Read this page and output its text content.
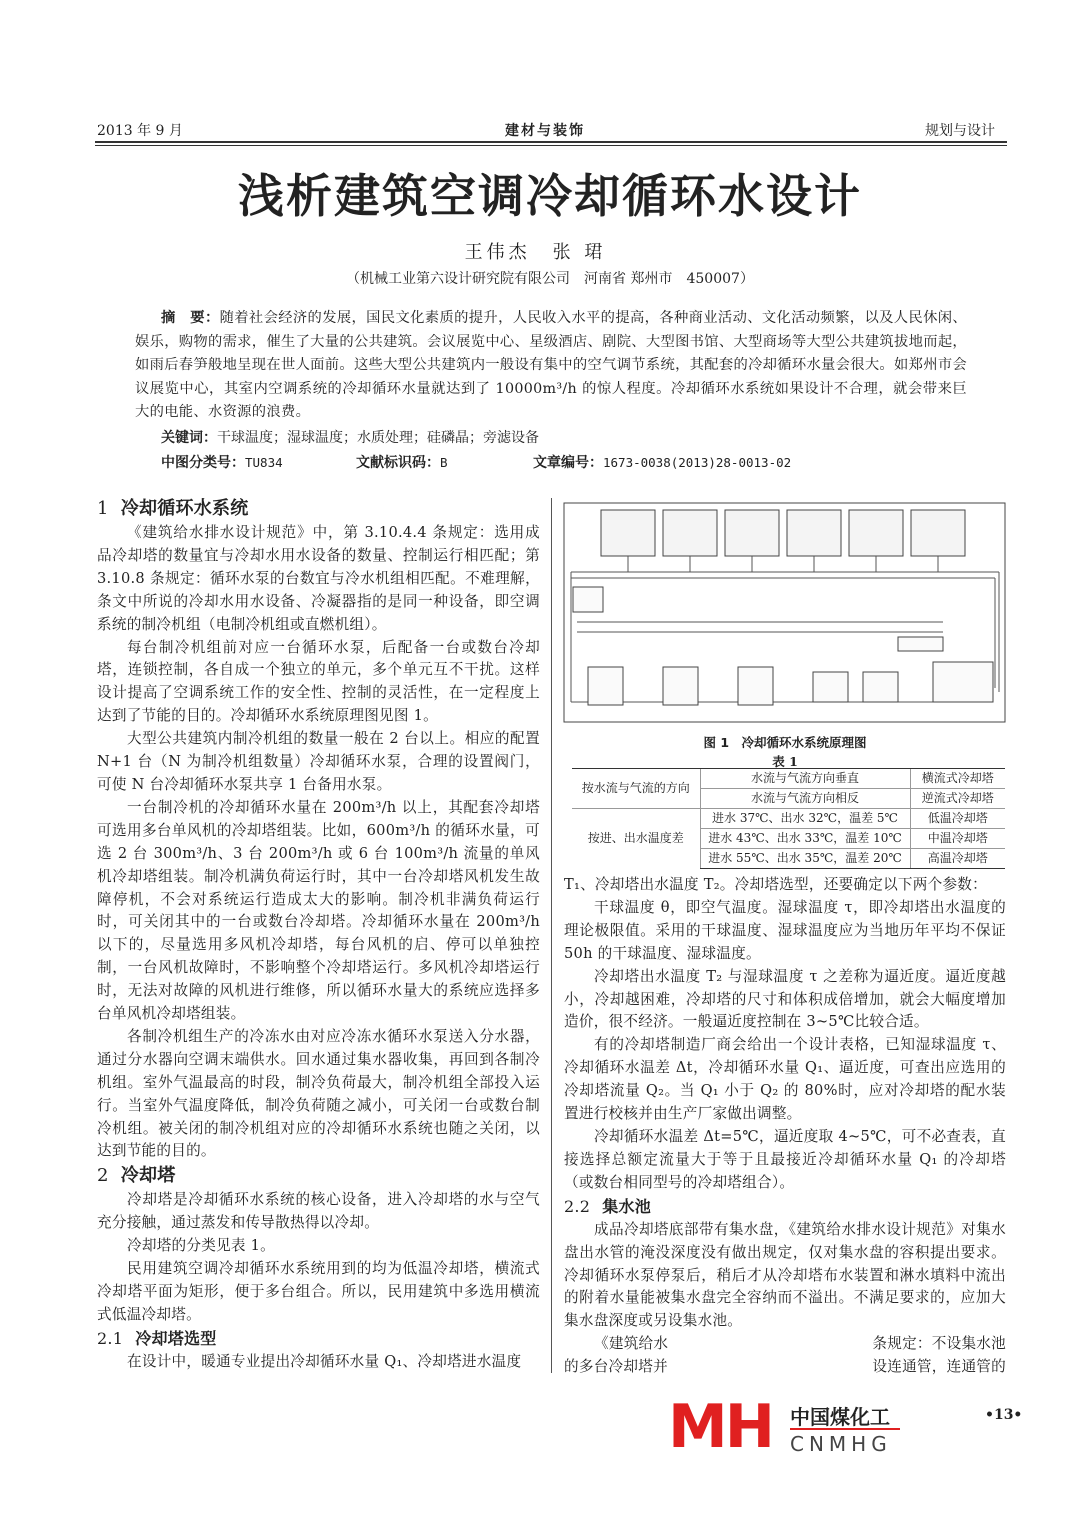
2013 年 9 月	建材与装饰	规划与设计
浅析建筑空调冷却循环水设计
王伟杰　张 珺
（机械工业第六设计研究院有限公司　河南省 郑州市　450007）
摘　要：随着社会经济的发展，国民文化素质的提升，人民收入水平的提高，各种商业活动、文化活动频繁，以及人民休闲、娱乐，购物的需求，催生了大量的公共建筑。会议展览中心、星级酒店、剧院、大型图书馆、大型商场等大型公共建筑拔地而起，如雨后春笋般地呈现在世人面前。这些大型公共建筑内一般设有集中的空气调节系统，其配套的冷却循环水量会很大。如郑州市会议展览中心，其室内空调系统的冷却循环水量就达到了 10000m³/h 的惊人程度。冷却循环水系统如果设计不合理，就会带来巨大的电能、水资源的浪费。
关键词：干球温度；湿球温度；水质处理；硅磷晶；旁滤设备
中图分类号：TU834	文献标识码：B	文章编号：1673-0038(2013)28-0013-02
1 冷却循环水系统

《建筑给水排水设计规范》中，第 3.10.4.4 条规定：选用成品冷却塔的数量宜与冷却水用水设备的数量、控制运行相匹配；第 3.10.8 条规定：循环水泵的台数宜与冷水机组相匹配。不难理解，条文中所说的冷却水用水设备、冷凝器指的是同一种设备，即空调系统的制冷机组（电制冷机组或直燃机组）。

每台制冷机组前对应一台循环水泵，后配备一台或数台冷却塔，连锁控制，各自成一个独立的单元，多个单元互不干扰。这样设计提高了空调系统工作的安全性、控制的灵活性，在一定程度上达到了节能的目的。冷却循环水系统原理图见图 1。

大型公共建筑内制冷机组的数量一般在 2 台以上。相应的配置 N+1 台（N 为制冷机组数量）冷却循环水泵，合理的设置阀门，可使 N 台冷却循环水泵共享 1 台备用水泵。

一台制冷机的冷却循环水量在 200m³/h 以上，其配套冷却塔可选用多台单风机的冷却塔组装。比如，600m³/h 的循环水量，可选 2 台 300m³/h、3 台 200m³/h 或 6 台 100m³/h 流量的单风机冷却塔组装。制冷机满负荷运行时，其中一台冷却塔风机发生故障停机，不会对系统运行造成太大的影响。制冷机非满负荷运行时，可关闭其中的一台或数台冷却塔。冷却循环水量在 200m³/h 以下的，尽量选用多风机冷却塔，每台风机的启、停可以单独控制，一台风机故障时，不影响整个冷却塔运行。多风机冷却塔运行时，无法对故障的风机进行维修，所以循环水量大的系统应选择多台单风机冷却塔组装。

各制冷机组生产的冷冻水由对应冷冻水循环水泵送入分水器，通过分水器向空调末端供水。回水通过集水器收集，再回到各制冷机组。室外气温最高的时段，制冷负荷最大，制冷机组全部投入运行。当室外气温度降低，制冷负荷随之减小，可关闭一台或数台制冷机组。被关闭的制冷机组对应的冷却循环水系统也随之关闭，以达到节能的目的。

2 冷却塔

冷却塔是冷却循环水系统的核心设备，进入冷却塔的水与空气充分接触，通过蒸发和传导散热得以冷却。

冷却塔的分类见表 1。

民用建筑空调冷却循环水系统用到的均为低温冷却塔，横流式冷却塔平面为矩形，便于多台组合。所以，民用建筑中多选用横流式低温冷却塔。

2.1 冷却塔选型

在设计中，暖通专业提出冷却循环水量 Q₁、冷却塔进水温度

图 1　冷却循环水系统原理图
表 1
按水流与气流的方向	水流与气流方向垂直	横流式冷却塔
	水流与气流方向相反	逆流式冷却塔
按进、出水温度差	进水 37℃、出水 32℃，温差 5℃	低温冷却塔
	进水 43℃、出水 33℃，温差 10℃	中温冷却塔
	进水 55℃、出水 35℃，温差 20℃	高温冷却塔

T₁、冷却塔出水温度 T₂。冷却塔选型，还要确定以下两个参数：

干球温度 θ，即空气温度。湿球温度 τ，即冷却塔出水温度的理论极限值。采用的干球温度、湿球温度应为当地历年平均不保证 50h 的干球温度、湿球温度。

冷却塔出水温度 T₂ 与湿球温度 τ 之差称为逼近度。逼近度越小，冷却越困难，冷却塔的尺寸和体积成倍增加，就会大幅度增加造价，很不经济。一般逼近度控制在 3~5℃比较合适。

有的冷却塔制造厂商会给出一个设计表格，已知湿球温度 τ、冷却循环水温差 Δt，冷却循环水量 Q₁、逼近度，可查出应选用的冷却塔流量 Q₂。当 Q₁ 小于 Q₂ 的 80%时，应对冷却塔的配水装置进行校核并由生产厂家做出调整。

冷却循环水温差 Δt=5℃，逼近度取 4~5℃，可不必查表，直接选择总额定流量大于等于且最接近冷却循环水量 Q₁ 的冷却塔（或数台相同型号的冷却塔组合）。

2.2 集水池

成品冷却塔底部带有集水盘，《建筑给水排水设计规范》对集水盘出水管的淹没深度没有做出规定，仅对集水盘的容积提出要求。冷却循环水泵停泵后，稍后才从冷却塔布水装置和淋水填料中流出的附着水量能被集水盘完全容纳而不溢出。不满足要求的，应加大集水盘深度或另设集水池。

《建筑给水	条规定：不设集水池
的多台冷却塔并	设连通管，连通管的
MH 中国煤化工
CNMHG
•13•
